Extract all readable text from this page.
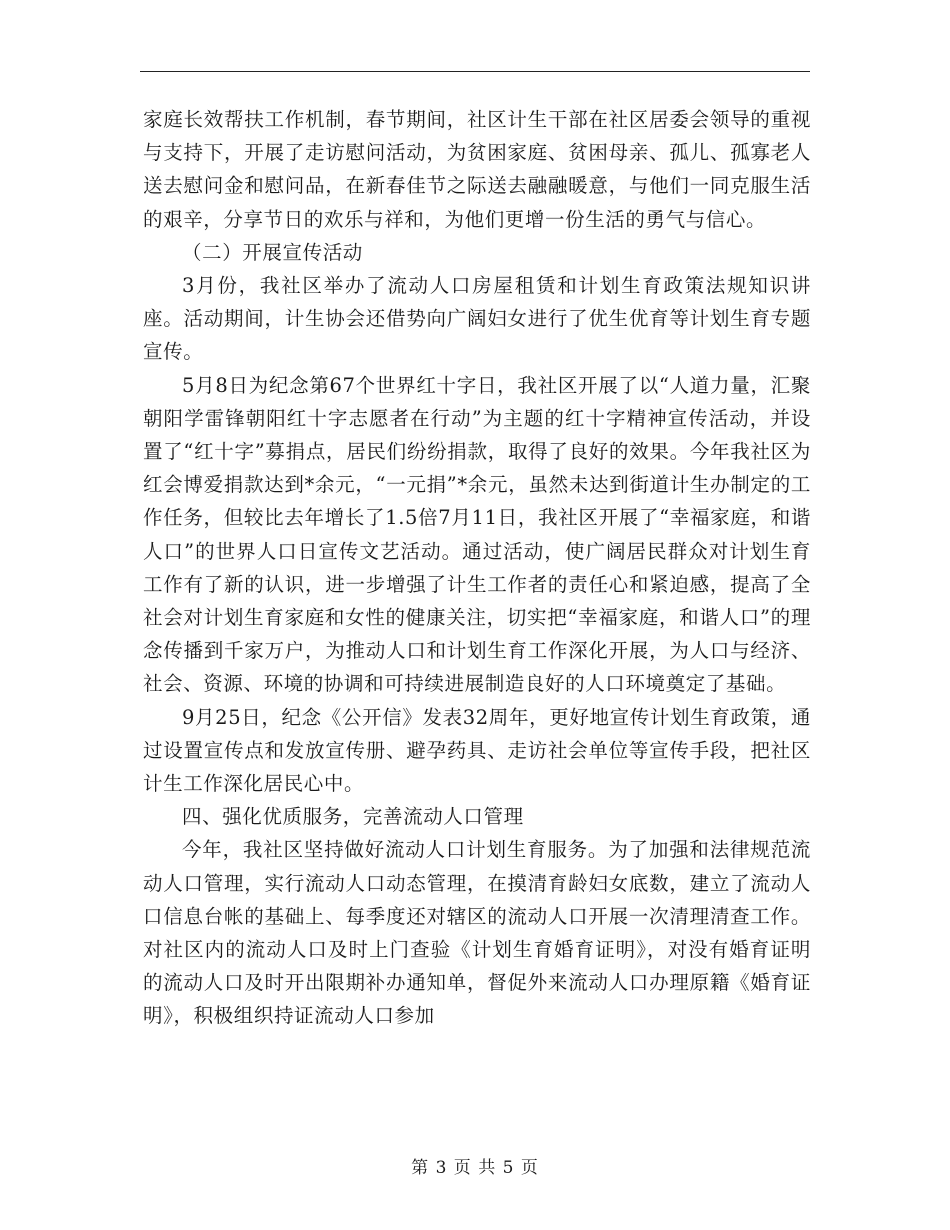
家庭长效帮扶工作机制，春节期间，社区计生干部在社区居委会领导的重视与支持下，开展了走访慰问活动，为贫困家庭、贫困母亲、孤儿、孤寡老人送去慰问金和慰问品，在新春佳节之际送去融融暖意，与他们一同克服生活的艰辛，分享节日的欢乐与祥和，为他们更增一份生活的勇气与信心。

（二）开展宣传活动

3月份，我社区举办了流动人口房屋租赁和计划生育政策法规知识讲座。活动期间，计生协会还借势向广阔妇女进行了优生优育等计划生育专题宣传。

5月8日为纪念第67个世界红十字日，我社区开展了以“人道力量，汇聚朝阳学雷锋朝阳红十字志愿者在行动”为主题的红十字精神宣传活动，并设置了“红十字”募捐点，居民们纷纷捐款，取得了良好的效果。今年我社区为红会博爱捐款达到*余元，“一元捐”*余元，虽然未达到街道计生办制定的工作任务，但较比去年增长了1.5倍7月11日，我社区开展了“幸福家庭，和谐人口”的世界人口日宣传文艺活动。通过活动，使广阔居民群众对计划生育工作有了新的认识，进一步增强了计生工作者的责任心和紧迫感，提高了全社会对计划生育家庭和女性的健康关注，切实把“幸福家庭，和谐人口”的理念传播到千家万户，为推动人口和计划生育工作深化开展，为人口与经济、社会、资源、环境的协调和可持续进展制造良好的人口环境奠定了基础。

9月25日，纪念《公开信》发表32周年，更好地宣传计划生育政策，通过设置宣传点和发放宣传册、避孕药具、走访社会单位等宣传手段，把社区计生工作深化居民心中。

四、强化优质服务，完善流动人口管理

今年，我社区坚持做好流动人口计划生育服务。为了加强和法律规范流动人口管理，实行流动人口动态管理，在摸清育龄妇女底数，建立了流动人口信息台帐的基础上、每季度还对辖区的流动人口开展一次清理清查工作。对社区内的流动人口及时上门查验《计划生育婚育证明》，对没有婚育证明的流动人口及时开出限期补办通知单，督促外来流动人口办理原籍《婚育证明》，积极组织持证流动人口参加

第 3 页 共 5 页
